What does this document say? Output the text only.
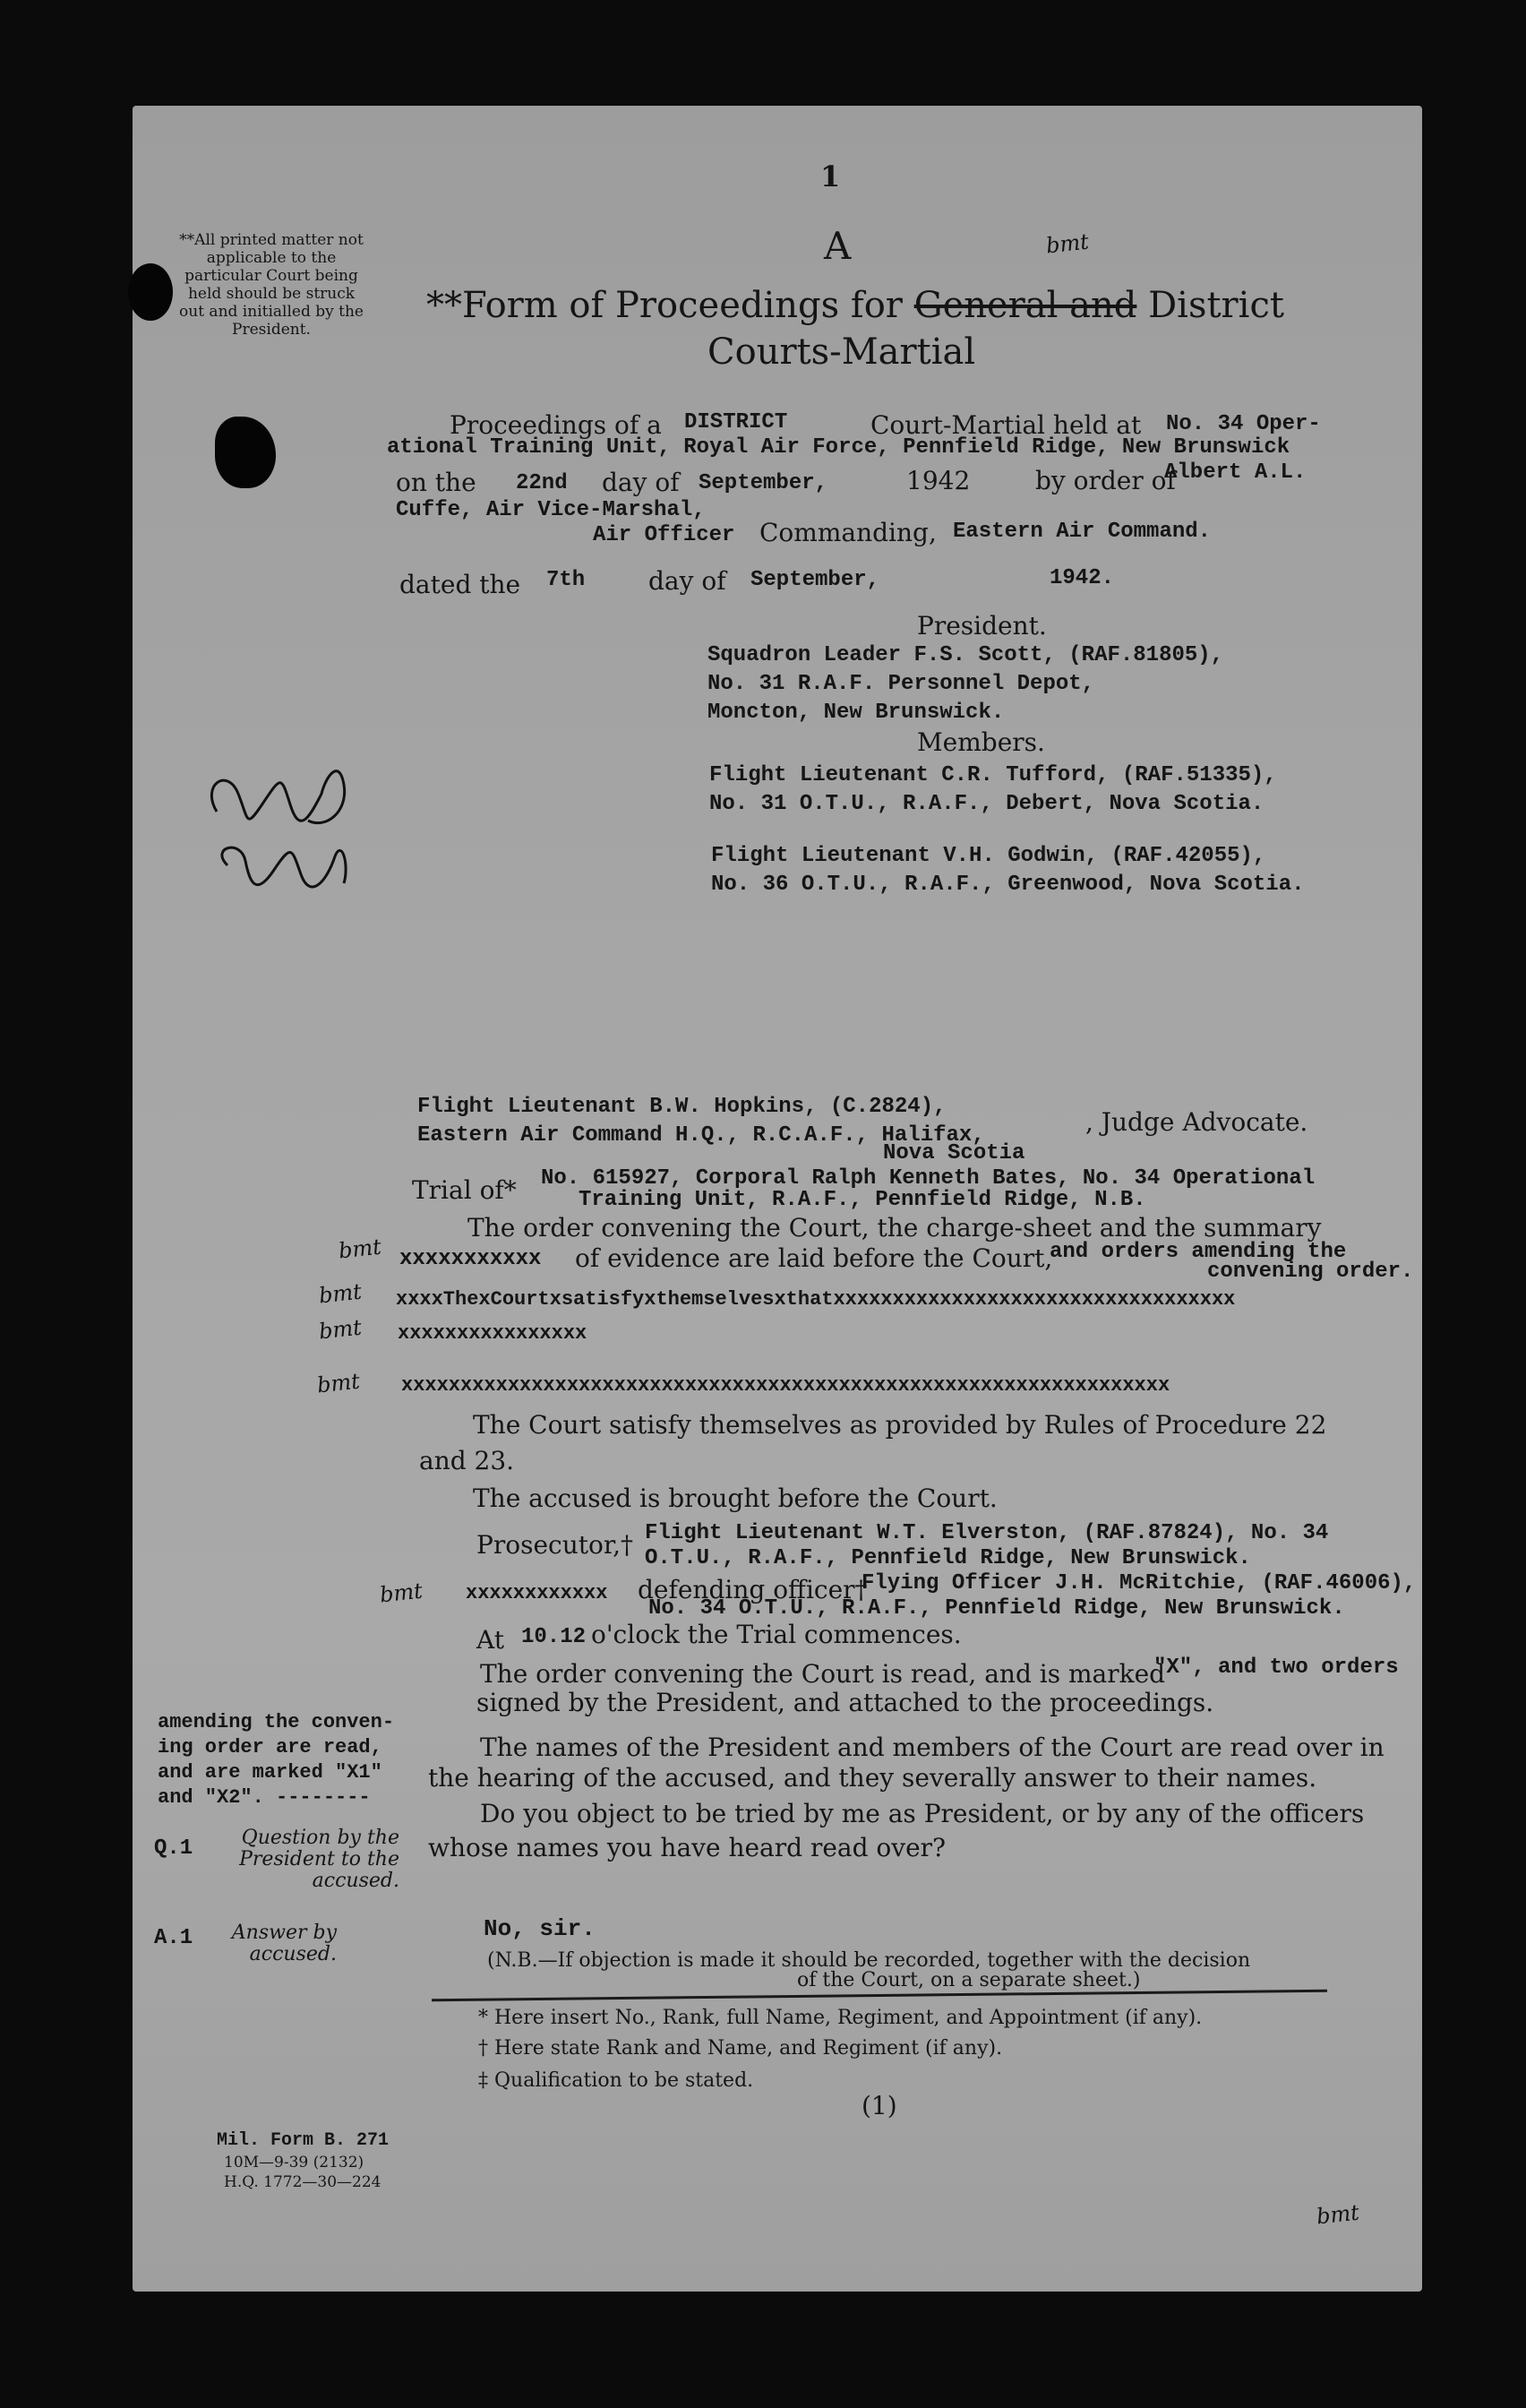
1
A
**All printed matter not applicable to the particular Court being held should be struck out and initialled by the President.
**Form of Proceedings for General and District
Courts-Martial
bmt
Proceedings of a DISTRICT	Court-Martial held at No. 34 Oper-
ational Training Unit, Royal Air Force, Pennfield Ridge, New Brunswick
on the 22nd day of September,	1942	by order of
Albert A.L.
Cuffe, Air Vice-Marshal,
Air Officer Commanding, Eastern Air Command.
dated the 7th	day of September,	1942.
President.
Squadron Leader F.S. Scott, (RAF.81805),
No. 31 R.A.F. Personnel Depot,
Moncton, New Brunswick.
Members.
Flight Lieutenant C.R. Tufford, (RAF.51335),
No. 31 O.T.U., R.A.F., Debert, Nova Scotia.
Flight Lieutenant V.H. Godwin, (RAF.42055),
No. 36 O.T.U., R.A.F., Greenwood, Nova Scotia.
Flight Lieutenant B.W. Hopkins, (C.2824),
Eastern Air Command H.Q., R.C.A.F., Halifax,
Nova Scotia
, Judge Advocate.
Trial of* No. 615927, Corporal Ralph Kenneth Bates, No. 34 Operational
Training Unit, R.A.F., Pennfield Ridge, N.B.
The order convening the Court, the charge-sheet and the summary
xxxxxxxxxxx of evidence are laid before the Court,
and orders amending the
convening order.
xxxxThexCourtxsatisfyxthemselvesxthatxxxxxxxxxxxxxxxxxxxxxxxxxxxxxxxxxx
xxxxxxxxxxxxxxxx
xxxxxxxxxxxxxxxxxxxxxxxxxxxxxxxxxxxxxxxxxxxxxxxxxxxxxxxxxxxxxxxxx
bmt
bmt
bmt
bmt
The Court satisfy themselves as provided by Rules of Procedure 22
and 23.
The accused is brought before the Court.
Prosecutor,† Flight Lieutenant W.T. Elverston, (RAF.87824), No. 34
O.T.U., R.A.F., Pennfield Ridge, New Brunswick.
xxxxxxxxxxxx defending officer†
Flying Officer J.H. McRitchie, (RAF.46006),
No. 34 O.T.U., R.A.F., Pennfield Ridge, New Brunswick.
bmt
At 10.12 o'clock the Trial commences.
The order convening the Court is read, and is marked
"X", and two orders
signed by the President, and attached to the proceedings.
amending the conven-
ing order are read,
and are marked "X1"
and "X2". --------
The names of the President and members of the Court are read over in
the hearing of the accused, and they severally answer to their names.
Q.1	Question by the
President to the
accused.
Do you object to be tried by me as President, or by any of the officers
whose names you have heard read over?
A.1	Answer by
accused.
No, sir.
(N.B.—If objection is made it should be recorded, together with the decision
of the Court, on a separate sheet.)
* Here insert No., Rank, full Name, Regiment, and Appointment (if any).
† Here state Rank and Name, and Regiment (if any).
‡ Qualification to be stated.
(1)
Mil. Form B. 271
10M—9-39 (2132)
H.Q. 1772—30—224
bmt
